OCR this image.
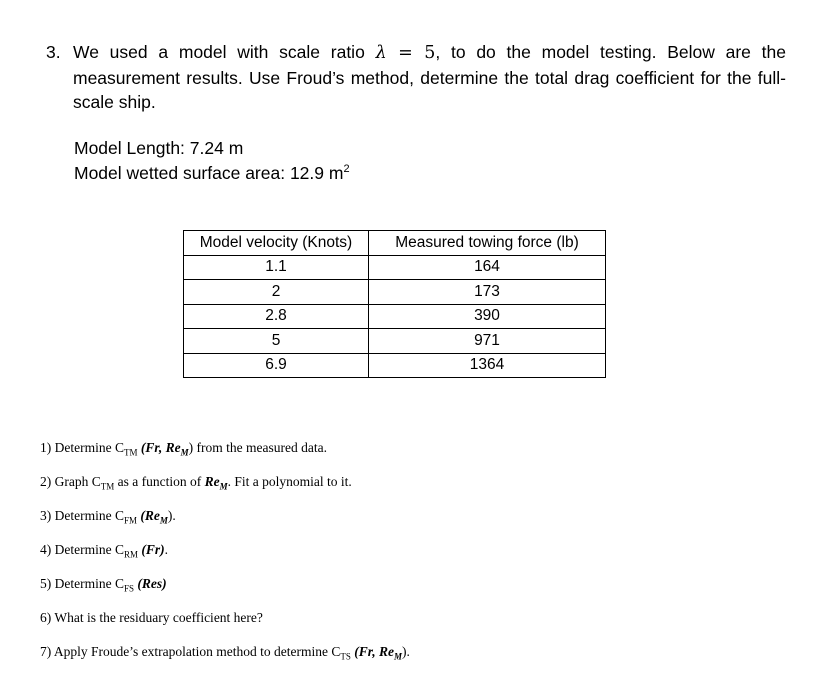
3. We used a model with scale ratio λ = 5, to do the model testing. Below are the measurement results. Use Froud’s method, determine the total drag coefficient for the full-scale ship.
Model Length: 7.24 m
Model wetted surface area: 12.9 $m^2$
Model velocity (Knots)	Measured towing force (lb)
1.1	164
2	173
2.8	390
5	971
6.9	1364
1) Determine $C_{TM}$ (Fr, $Re_M$) from the measured data.
2) Graph $C_{TM}$ as a function of $Re_M$. Fit a polynomial to it.
3) Determine $C_{FM}$ $(Re_M)$.
4) Determine $C_{RM}$ (Fr).
5) Determine $C_{FS}$ (Res)
6) What is the residuary coefficient here?
7) Apply Froude’s extrapolation method to determine $C_{TS}$ (Fr, $Re_M$).
